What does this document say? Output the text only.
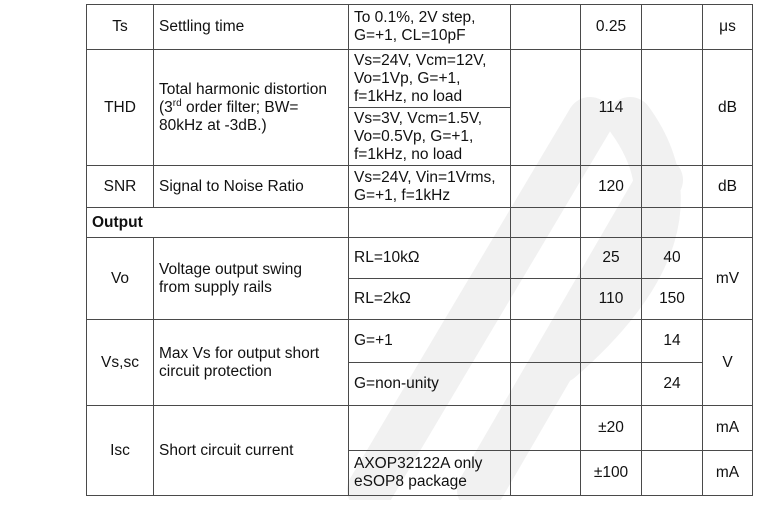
Ts	Settling time	To 0.1%, 2V step,
G=+1, CL=10pF		0.25		μs
THD	Total harmonic distortion
(3rd order filter; BW=
80kHz at -3dB.)	Vs=24V, Vcm=12V,
Vo=1Vp, G=+1,
f=1kHz, no load		114		dB
		Vs=3V, Vcm=1.5V,
Vo=0.5Vp, G=+1,
f=1kHz, no load				
SNR	Signal to Noise Ratio	Vs=24V, Vin=1Vrms,
G=+1, f=1kHz		120		dB
Output						
Vo	Voltage output swing
from supply rails	RL=10kΩ		25	40	mV
		RL=2kΩ		110	150	
Vs,sc	Max Vs for output short
circuit protection	G=+1			14	V
		G=non-unity			24	
Isc	Short circuit current			±20		mA
		AXOP32122A only
eSOP8 package		±100		mA
